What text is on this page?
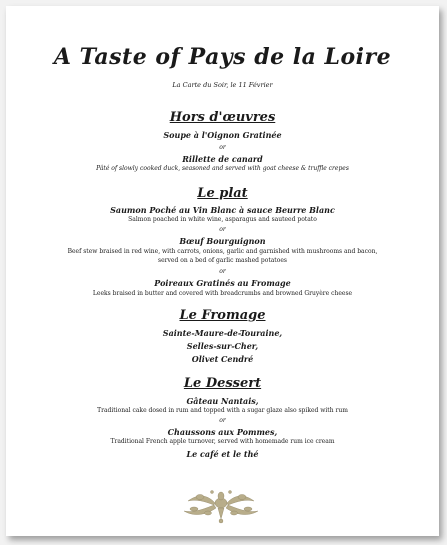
A Taste of Pays de la Loire
La Carte du Soir, le 11 Février
Hors d'œuvres
Soupe à l'Oignon Gratinée
or
Rillette de canard
Pâté of slowly cooked duck, seasoned and served with goat cheese & truffle crepes
Le plat
Saumon Poché au Vin Blanc à sauce Beurre Blanc
Salmon poached in white wine, asparagus and sauteed potato
or
Bœuf Bourguignon
Beef stew braised in red wine, with carrots, onions, garlic and garnished with mushrooms and bacon,
served on a bed of garlic mashed potatoes
or
Poireaux Gratinés au Fromage
Leeks braised in butter and covered with breadcrumbs and browned Gruyère cheese
Le Fromage
Sainte-Maure-de-Touraine,
Selles-sur-Cher,
Olivet Cendré
Le Dessert
Gâteau Nantais,
Traditional cake dosed in rum and topped with a sugar glaze also spiked with rum
or
Chaussons aux Pommes,
Traditional French apple turnover, served with homemade rum ice cream
Le café et le thé
